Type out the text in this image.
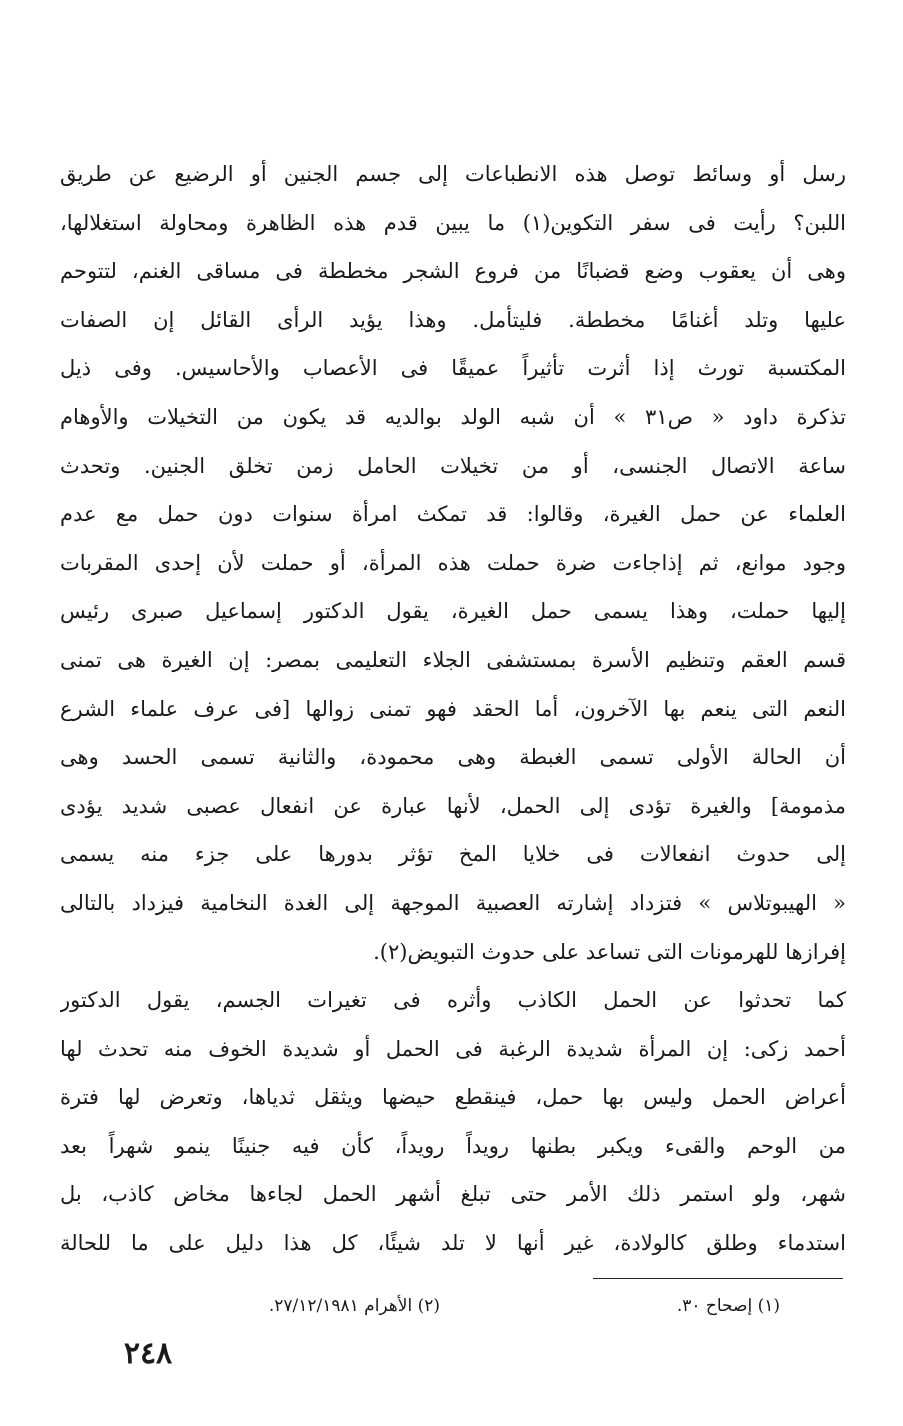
رسل أو وسائط توصل هذه الانطباعات إلى جسم الجنين أو الرضيع عن طريق
اللبن؟ رأيت فى سفر التكوين(١) ما يبين قدم هذه الظاهرة ومحاولة استغلالها،
وهى أن يعقوب وضع قضبانًا من فروع الشجر مخططة فى مساقى الغنم، لتتوحم
عليها وتلد أغنامًا مخططة. فليتأمل. وهذا يؤيد الرأى القائل إن الصفات
المكتسبة تورث إذا أثرت تأثيراً عميقًا فى الأعصاب والأحاسيس. وفى ذيل
تذكرة داود « ص٣١ » أن شبه الولد بوالديه قد يكون من التخيلات والأوهام
ساعة الاتصال الجنسى، أو من تخيلات الحامل زمن تخلق الجنين. وتحدث
العلماء عن حمل الغيرة، وقالوا: قد تمكث امرأة سنوات دون حمل مع عدم
وجود موانع، ثم إذاجاءت ضرة حملت هذه المرأة، أو حملت لأن إحدى المقربات
إليها حملت، وهذا يسمى حمل الغيرة، يقول الدكتور إسماعيل صبرى رئيس
قسم العقم وتنظيم الأسرة بمستشفى الجلاء التعليمى بمصر: إن الغيرة هى تمنى
النعم التى ينعم بها الآخرون، أما الحقد فهو تمنى زوالها [فى عرف علماء الشرع
أن الحالة الأولى تسمى الغبطة وهى محمودة، والثانية تسمى الحسد وهى
مذمومة] والغيرة تؤدى إلى الحمل، لأنها عبارة عن انفعال عصبى شديد يؤدى
إلى حدوث انفعالات فى خلايا المخ تؤثر بدورها على جزء منه يسمى
« الهيبوتلاس » فتزداد إشارته العصبية الموجهة إلى الغدة النخامية فيزداد بالتالى
إفرازها للهرمونات التى تساعد على حدوث التبويض(٢).
كما تحدثوا عن الحمل الكاذب وأثره فى تغيرات الجسم، يقول الدكتور
أحمد زكى: إن المرأة شديدة الرغبة فى الحمل أو شديدة الخوف منه تحدث لها
أعراض الحمل وليس بها حمل، فينقطع حيضها ويثقل ثدياها، وتعرض لها فترة
من الوحم والقىء ويكبر بطنها رويداً رويداً، كأن فيه جنينًا ينمو شهراً بعد
شهر، ولو استمر ذلك الأمر حتى تبلغ أشهر الحمل لجاءها مخاض كاذب، بل
استدماء وطلق كالولادة، غير أنها لا تلد شيئًا، كل هذا دليل على ما للحالة
(١) إصحاح ٣٠.
(٢) الأهرام ٢٧/١٢/١٩٨١.
٢٤٨
